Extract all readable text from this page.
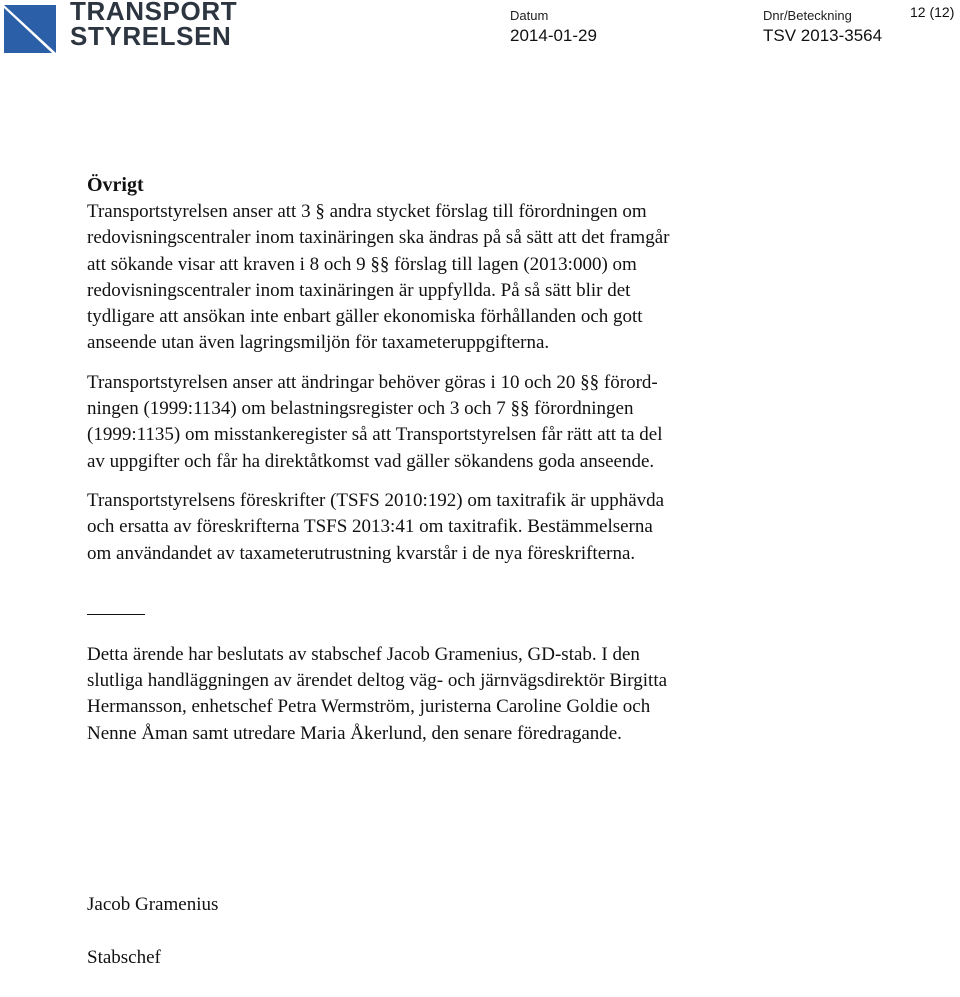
TRANSPORT
STYRELSEN
Datum
2014-01-29
Dnr/Beteckning
TSV 2013-3564
12 (12)
Övrigt

Transportstyrelsen anser att 3 § andra stycket förslag till förordningen om
redovisningscentraler inom taxinäringen ska ändras på så sätt att det framgår
att sökande visar att kraven i 8 och 9 §§ förslag till lagen (2013:000) om
redovisningscentraler inom taxinäringen är uppfyllda. På så sätt blir det
tydligare att ansökan inte enbart gäller ekonomiska förhållanden och gott
anseende utan även lagringsmiljön för taxameteruppgifterna.

Transportstyrelsen anser att ändringar behöver göras i 10 och 20 §§ förord-
ningen (1999:1134) om belastningsregister och 3 och 7 §§ förordningen
(1999:1135) om misstankeregister så att Transportstyrelsen får rätt att ta del
av uppgifter och får ha direktåtkomst vad gäller sökandens goda anseende.

Transportstyrelsens föreskrifter (TSFS 2010:192) om taxitrafik är upphävda
och ersatta av föreskrifterna TSFS 2013:41 om taxitrafik. Bestämmelserna
om användandet av taxameterutrustning kvarstår i de nya föreskrifterna.

Detta ärende har beslutats av stabschef Jacob Gramenius, GD-stab. I den
slutliga handläggningen av ärendet deltog väg- och järnvägsdirektör Birgitta
Hermansson, enhetschef Petra Wermström, juristerna Caroline Goldie och
Nenne Åman samt utredare Maria Åkerlund, den senare föredragande.

Jacob Gramenius

Stabschef
